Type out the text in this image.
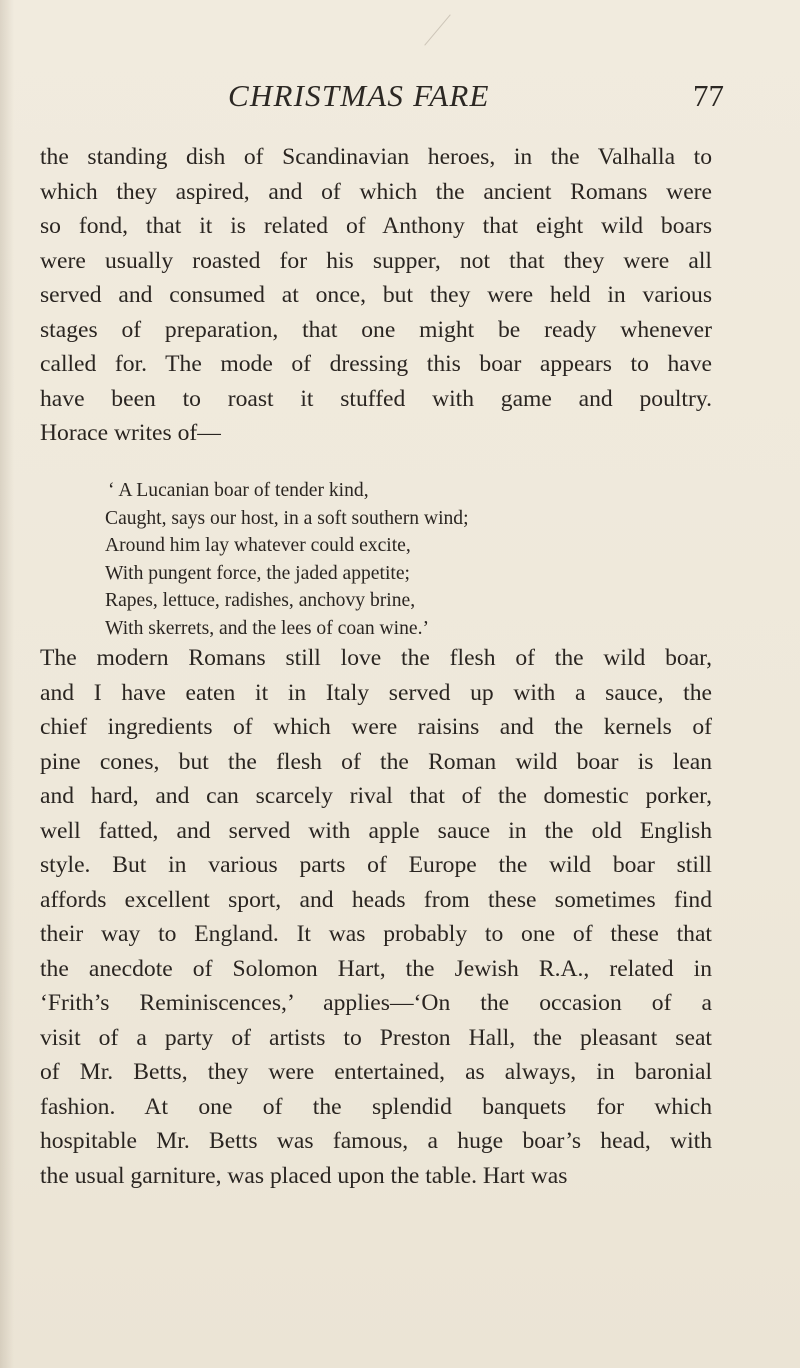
CHRISTMAS FARE	77
the standing dish of Scandinavian heroes, in the Valhalla to
which they aspired, and of which the ancient Romans were
so fond, that it is related of Anthony that eight wild boars
were usually roasted for his supper, not that they were all
served and consumed at once, but they were held in various
stages of preparation, that one might be ready whenever
called for. The mode of dressing this boar appears to have
have been to roast it stuffed with game and poultry.
Horace writes of—
‘ A Lucanian boar of tender kind,
Caught, says our host, in a soft southern wind;
Around him lay whatever could excite,
With pungent force, the jaded appetite;
Rapes, lettuce, radishes, anchovy brine,
With skerrets, and the lees of coan wine.’
The modern Romans still love the flesh of the wild boar,
and I have eaten it in Italy served up with a sauce, the
chief ingredients of which were raisins and the kernels of
pine cones, but the flesh of the Roman wild boar is lean
and hard, and can scarcely rival that of the domestic porker,
well fatted, and served with apple sauce in the old English
style. But in various parts of Europe the wild boar still
affords excellent sport, and heads from these sometimes find
their way to England. It was probably to one of these that
the anecdote of Solomon Hart, the Jewish R.A., related in
‘Frith’s Reminiscences,’ applies—‘On the occasion of a
visit of a party of artists to Preston Hall, the pleasant seat
of Mr. Betts, they were entertained, as always, in baronial
fashion. At one of the splendid banquets for which
hospitable Mr. Betts was famous, a huge boar’s head, with
the usual garniture, was placed upon the table. Hart was
